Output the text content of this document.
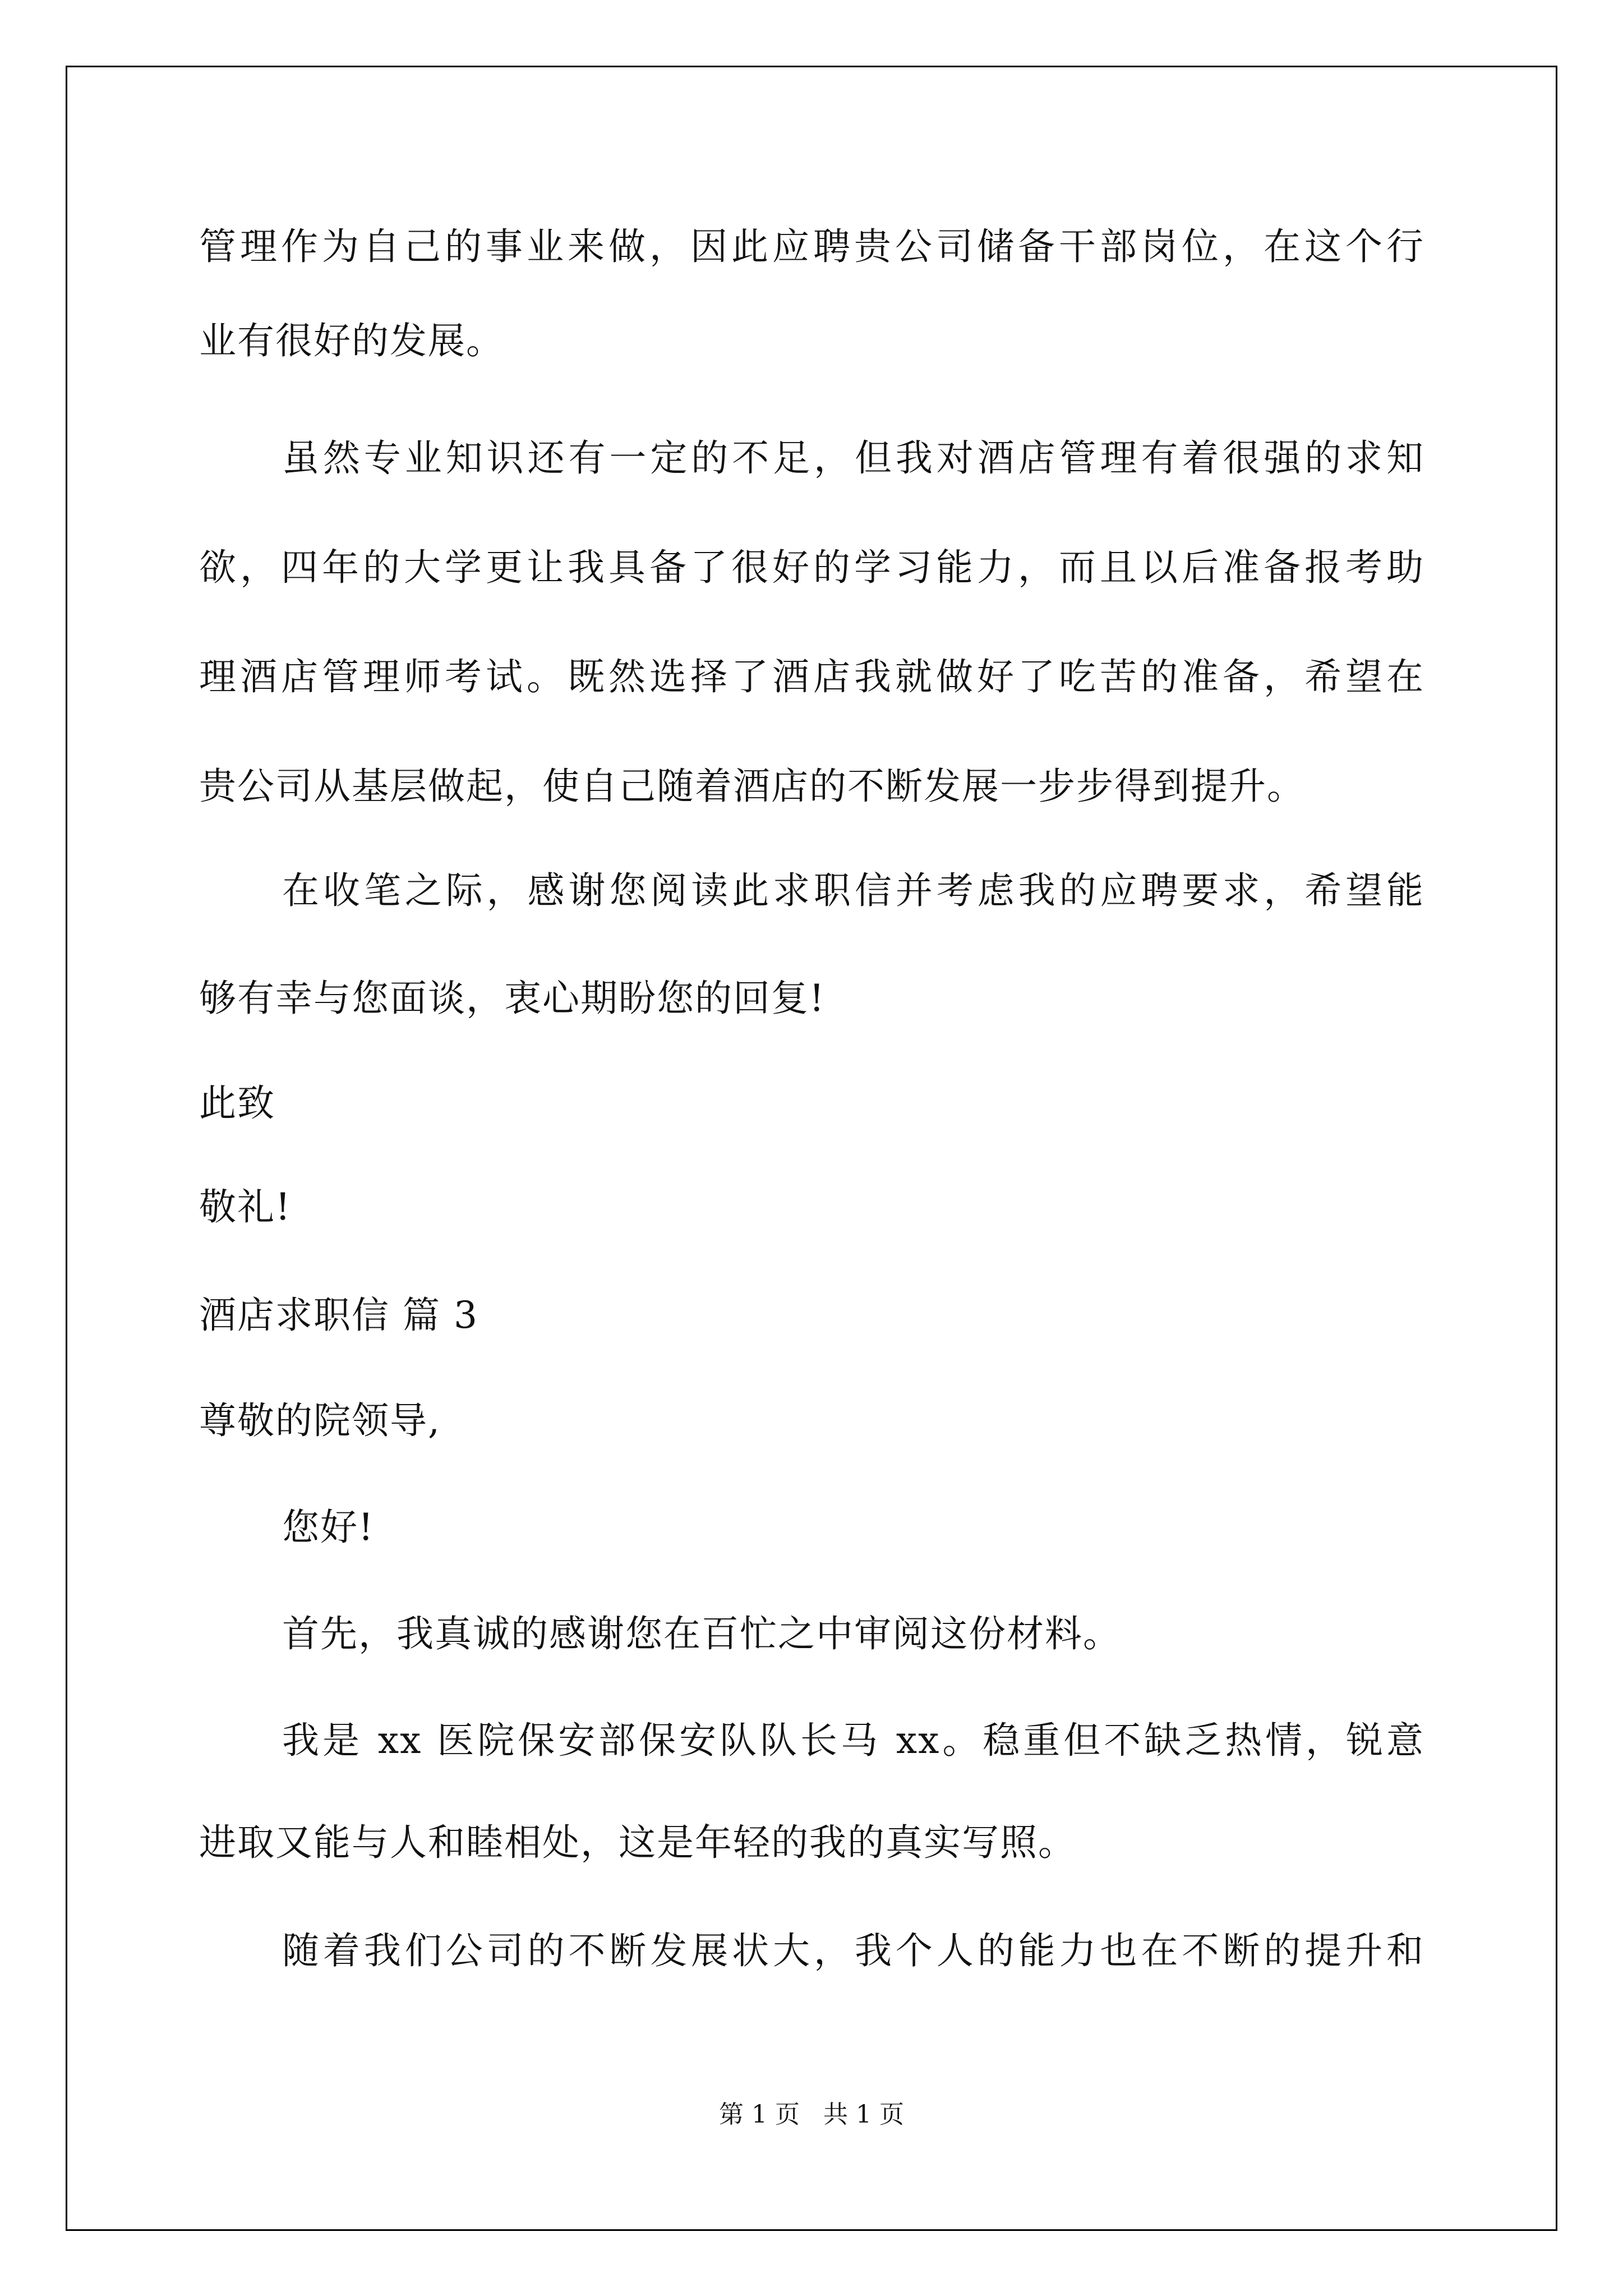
管理作为自己的事业来做，因此应聘贵公司储备干部岗位，在这个行
业有很好的发展。
虽然专业知识还有一定的不足，但我对酒店管理有着很强的求知
欲，四年的大学更让我具备了很好的学习能力，而且以后准备报考助
理酒店管理师考试。既然选择了酒店我就做好了吃苦的准备，希望在
贵公司从基层做起，使自己随着酒店的不断发展一步步得到提升。
在收笔之际，感谢您阅读此求职信并考虑我的应聘要求，希望能
够有幸与您面谈，衷心期盼您的回复!
此致
敬礼!
酒店求职信 篇 3
尊敬的院领导,
您好!
首先，我真诚的感谢您在百忙之中审阅这份材料。
我是 xx 医院保安部保安队队长马 xx。稳重但不缺乏热情，锐意
进取又能与人和睦相处，这是年轻的我的真实写照。
随着我们公司的不断发展状大，我个人的能力也在不断的提升和
第 1 页   共 1 页
